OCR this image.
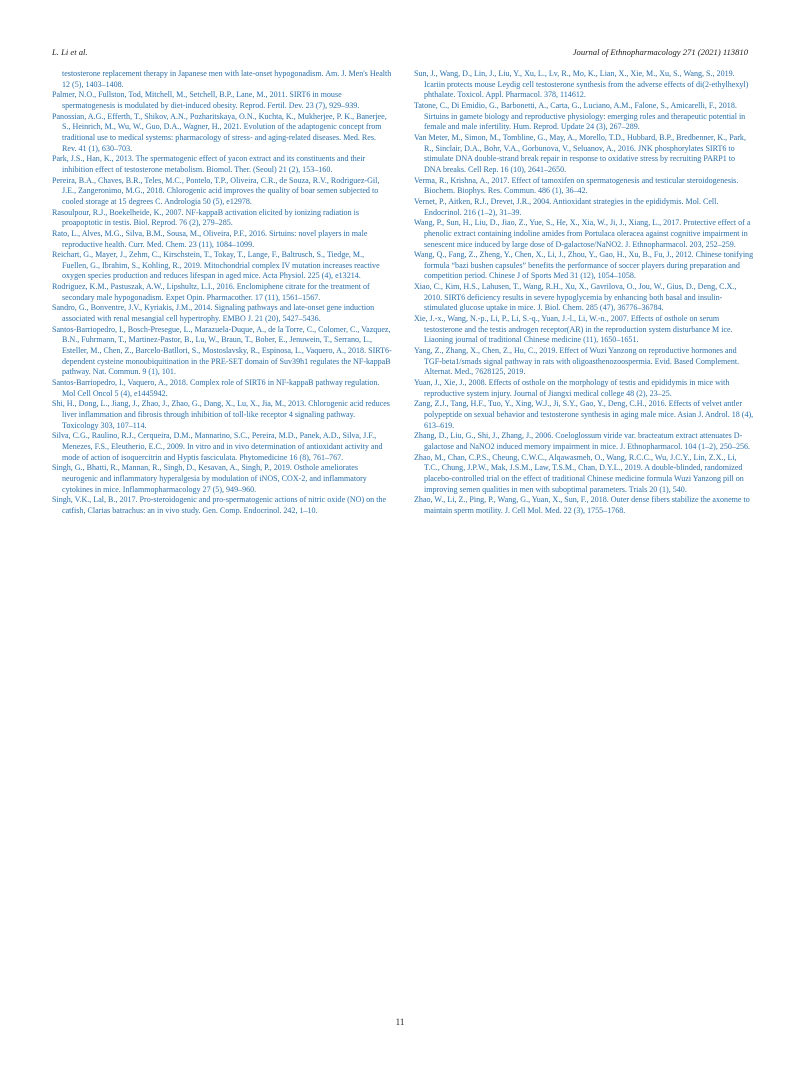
L. Li et al.	Journal of Ethnopharmacology 271 (2021) 113810
testosterone replacement therapy in Japanese men with late-onset hypogonadism. Am. J. Men's Health 12 (5), 1403–1408.
Palmer, N.O., Fullston, Tod, Mitchell, M., Setchell, B.P., Lane, M., 2011. SIRT6 in mouse spermatogenesis is modulated by diet-induced obesity. Reprod. Fertil. Dev. 23 (7), 929–939.
Panossian, A.G., Efferth, T., Shikov, A.N., Pozharitskaya, O.N., Kuchta, K., Mukherjee, P. K., Banerjee, S., Heinrich, M., Wu, W., Guo, D.A., Wagner, H., 2021. Evolution of the adaptogenic concept from traditional use to medical systems: pharmacology of stress- and aging-related diseases. Med. Res. Rev. 41 (1), 630–703.
Park, J.S., Han, K., 2013. The spermatogenic effect of yacon extract and its constituents and their inhibition effect of testosterone metabolism. Biomol. Ther. (Seoul) 21 (2), 153–160.
Pereira, B.A., Chaves, B.R., Teles, M.C., Pontelo, T.P., Oliveira, C.R., de Souza, R.V., Rodriguez-Gil, J.E., Zangeronimo, M.G., 2018. Chlorogenic acid improves the quality of boar semen subjected to cooled storage at 15 degrees C. Andrologia 50 (5), e12978.
Rasoulpour, R.J., Boekelheide, K., 2007. NF-kappaB activation elicited by ionizing radiation is proapoptotic in testis. Biol. Reprod. 76 (2), 279–285.
Rato, L., Alves, M.G., Silva, B.M., Sousa, M., Oliveira, P.F., 2016. Sirtuins: novel players in male reproductive health. Curr. Med. Chem. 23 (11), 1084–1099.
Reichart, G., Mayer, J., Zehm, C., Kirschstein, T., Tokay, T., Lange, F., Baltrusch, S., Tiedge, M., Fuellen, G., Ibrahim, S., Kohling, R., 2019. Mitochondrial complex IV mutation increases reactive oxygen species production and reduces lifespan in aged mice. Acta Physiol. 225 (4), e13214.
Rodriguez, K.M., Pastuszak, A.W., Lipshultz, L.I., 2016. Enclomiphene citrate for the treatment of secondary male hypogonadism. Expet Opin. Pharmacother. 17 (11), 1561–1567.
Sandro, G., Bonventre, J.V., Kyriakis, J.M., 2014. Signaling pathways and late-onset gene induction associated with renal mesangial cell hypertrophy. EMBO J. 21 (20), 5427–5436.
Santos-Barriopedro, I., Bosch-Presegue, L., Marazuela-Duque, A., de la Torre, C., Colomer, C., Vazquez, B.N., Fuhrmann, T., Martinez-Pastor, B., Lu, W., Braun, T., Bober, E., Jenuwein, T., Serrano, L., Esteller, M., Chen, Z., Barcelo-Batllori, S., Mostoslavsky, R., Espinosa, L., Vaquero, A., 2018. SIRT6-dependent cysteine monoubiquitination in the PRE-SET domain of Suv39h1 regulates the NF-kappaB pathway. Nat. Commun. 9 (1), 101.
Santos-Barriopedro, I., Vaquero, A., 2018. Complex role of SIRT6 in NF-kappaB pathway regulation. Mol Cell Oncol 5 (4), e1445942.
Shi, H., Dong, L., Jiang, J., Zhao, J., Zhao, G., Dang, X., Lu, X., Jia, M., 2013. Chlorogenic acid reduces liver inflammation and fibrosis through inhibition of toll-like receptor 4 signaling pathway. Toxicology 303, 107–114.
Silva, C.G., Raulino, R.J., Cerqueira, D.M., Mannarino, S.C., Pereira, M.D., Panek, A.D., Silva, J.F., Menezes, F.S., Eleutherio, E.C., 2009. In vitro and in vivo determination of antioxidant activity and mode of action of isoquercitrin and Hyptis fasciculata. Phytomedicine 16 (8), 761–767.
Singh, G., Bhatti, R., Mannan, R., Singh, D., Kesavan, A., Singh, P., 2019. Osthole ameliorates neurogenic and inflammatory hyperalgesia by modulation of iNOS, COX-2, and inflammatory cytokines in mice. Inflammopharmacology 27 (5), 949–960.
Singh, V.K., Lal, B., 2017. Pro-steroidogenic and pro-spermatogenic actions of nitric oxide (NO) on the catfish, Clarias batrachus: an in vivo study. Gen. Comp. Endocrinol. 242, 1–10.
Sun, J., Wang, D., Lin, J., Liu, Y., Xu, L., Lv, R., Mo, K., Lian, X., Xie, M., Xu, S., Wang, S., 2019. Icariin protects mouse Leydig cell testosterone synthesis from the adverse effects of di(2-ethylhexyl) phthalate. Toxicol. Appl. Pharmacol. 378, 114612.
Tatone, C., Di Emidio, G., Barbonetti, A., Carta, G., Luciano, A.M., Falone, S., Amicarelli, F., 2018. Sirtuins in gamete biology and reproductive physiology: emerging roles and therapeutic potential in female and male infertility. Hum. Reprod. Update 24 (3), 267–289.
Van Meter, M., Simon, M., Tombline, G., May, A., Morello, T.D., Hubbard, B.P., Bredbenner, K., Park, R., Sinclair, D.A., Bohr, V.A., Gorbunova, V., Seluanov, A., 2016. JNK phosphorylates SIRT6 to stimulate DNA double-strand break repair in response to oxidative stress by recruiting PARP1 to DNA breaks. Cell Rep. 16 (10), 2641–2650.
Verma, R., Krishna, A., 2017. Effect of tamoxifen on spermatogenesis and testicular steroidogenesis. Biochem. Biophys. Res. Commun. 486 (1), 36–42.
Vernet, P., Aitken, R.J., Drevet, J.R., 2004. Antioxidant strategies in the epididymis. Mol. Cell. Endocrinol. 216 (1–2), 31–39.
Wang, P., Sun, H., Liu, D., Jiao, Z., Yue, S., He, X., Xia, W., Ji, J., Xiang, L., 2017. Protective effect of a phenolic extract containing indoline amides from Portulaca oleracea against cognitive impairment in senescent mice induced by large dose of D-galactose/NaNO2. J. Ethnopharmacol. 203, 252–259.
Wang, Q., Fang, Z., Zheng, Y., Chen, X., Li, J., Zhou, Y., Gao, H., Xu, B., Fu, J., 2012. Chinese tonifying formula “bazi bushen capsules” benefits the performance of soccer players during preparation and competition period. Chinese J of Sports Med 31 (12), 1054–1058.
Xiao, C., Kim, H.S., Lahusen, T., Wang, R.H., Xu, X., Gavrilova, O., Jou, W., Gius, D., Deng, C.X., 2010. SIRT6 deficiency results in severe hypoglycemia by enhancing both basal and insulin-stimulated glucose uptake in mice. J. Biol. Chem. 285 (47), 36776–36784.
Xie, J.-x., Wang, N.-p., Li, P., Li, S.-q., Yuan, J.-l., Li, W.-n., 2007. Effects of osthole on serum testosterone and the testis androgen receptor(AR) in the reproduction system disturbance M ice. Liaoning journal of traditional Chinese medicine (11), 1650–1651.
Yang, Z., Zhang, X., Chen, Z., Hu, C., 2019. Effect of Wuzi Yanzong on reproductive hormones and TGF-beta1/smads signal pathway in rats with oligoasthenozoospermia. Evid. Based Complement. Alternat. Med., 7628125, 2019.
Yuan, J., Xie, J., 2008. Effects of osthole on the morphology of testis and epididymis in mice with reproductive system injury. Journal of Jiangxi medical college 48 (2), 23–25.
Zang, Z.J., Tang, H.F., Tuo, Y., Xing, W.J., Ji, S.Y., Gao, Y., Deng, C.H., 2016. Effects of velvet antler polypeptide on sexual behavior and testosterone synthesis in aging male mice. Asian J. Androl. 18 (4), 613–619.
Zhang, D., Liu, G., Shi, J., Zhang, J., 2006. Coeloglossum viride var. bracteatum extract attenuates D-galactose and NaNO2 induced memory impairment in mice. J. Ethnopharmacol. 104 (1–2), 250–256.
Zhao, M., Chan, C.P.S., Cheung, C.W.C., Alqawasmeh, O., Wang, R.C.C., Wu, J.C.Y., Lin, Z.X., Li, T.C., Chung, J.P.W., Mak, J.S.M., Law, T.S.M., Chan, D.Y.L., 2019. A double-blinded, randomized placebo-controlled trial on the effect of traditional Chinese medicine formula Wuzi Yanzong pill on improving semen qualities in men with suboptimal parameters. Trials 20 (1), 540.
Zhao, W., Li, Z., Ping, P., Wang, G., Yuan, X., Sun, F., 2018. Outer dense fibers stabilize the axoneme to maintain sperm motility. J. Cell Mol. Med. 22 (3), 1755–1768.
11
